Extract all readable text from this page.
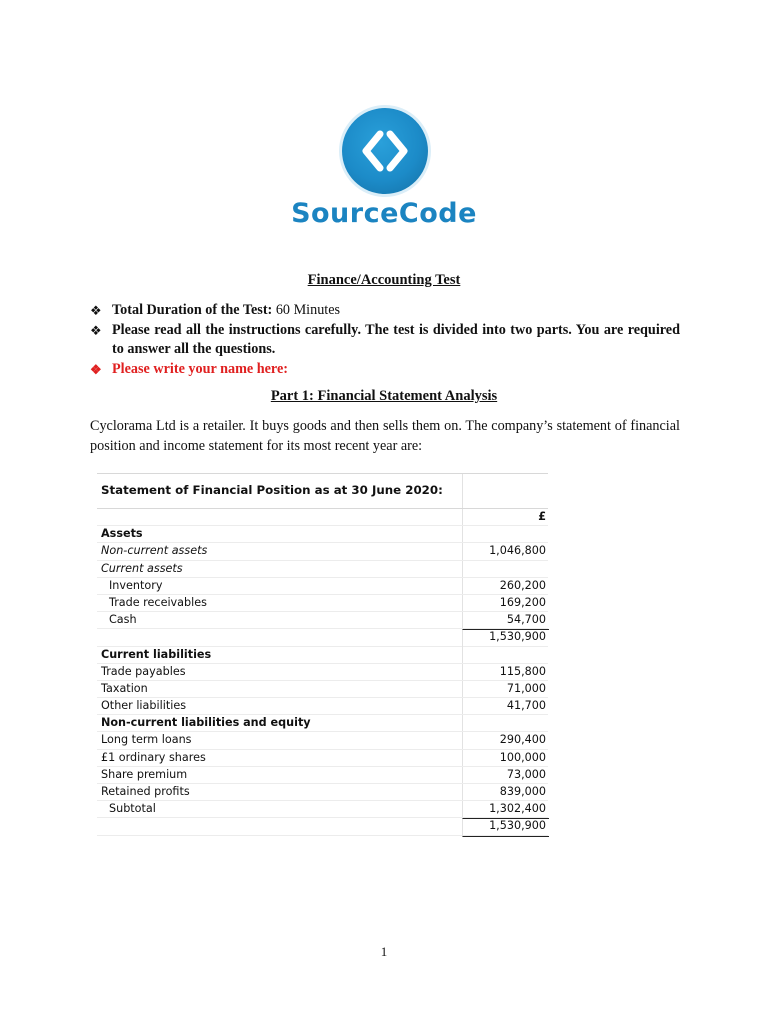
SourceCode
Finance/Accounting Test
❖ Total Duration of the Test: 60 Minutes
❖ Please read all the instructions carefully. The test is divided into two parts. You are required to answer all the questions.
❖ Please write your name here:
Part 1: Financial Statement Analysis
Cyclorama Ltd is a retailer. It buys goods and then sells them on. The company’s statement of financial position and income statement for its most recent year are:
Statement of Financial Position as at 30 June 2020:
£
Assets
Non-current assets	1,046,800
Current assets
Inventory	260,200
Trade receivables	169,200
Cash	54,700
1,530,900
Current liabilities
Trade payables	115,800
Taxation	71,000
Other liabilities	41,700
Non-current liabilities and equity
Long term loans	290,400
£1 ordinary shares	100,000
Share premium	73,000
Retained profits	839,000
Subtotal	1,302,400
1,530,900
1
